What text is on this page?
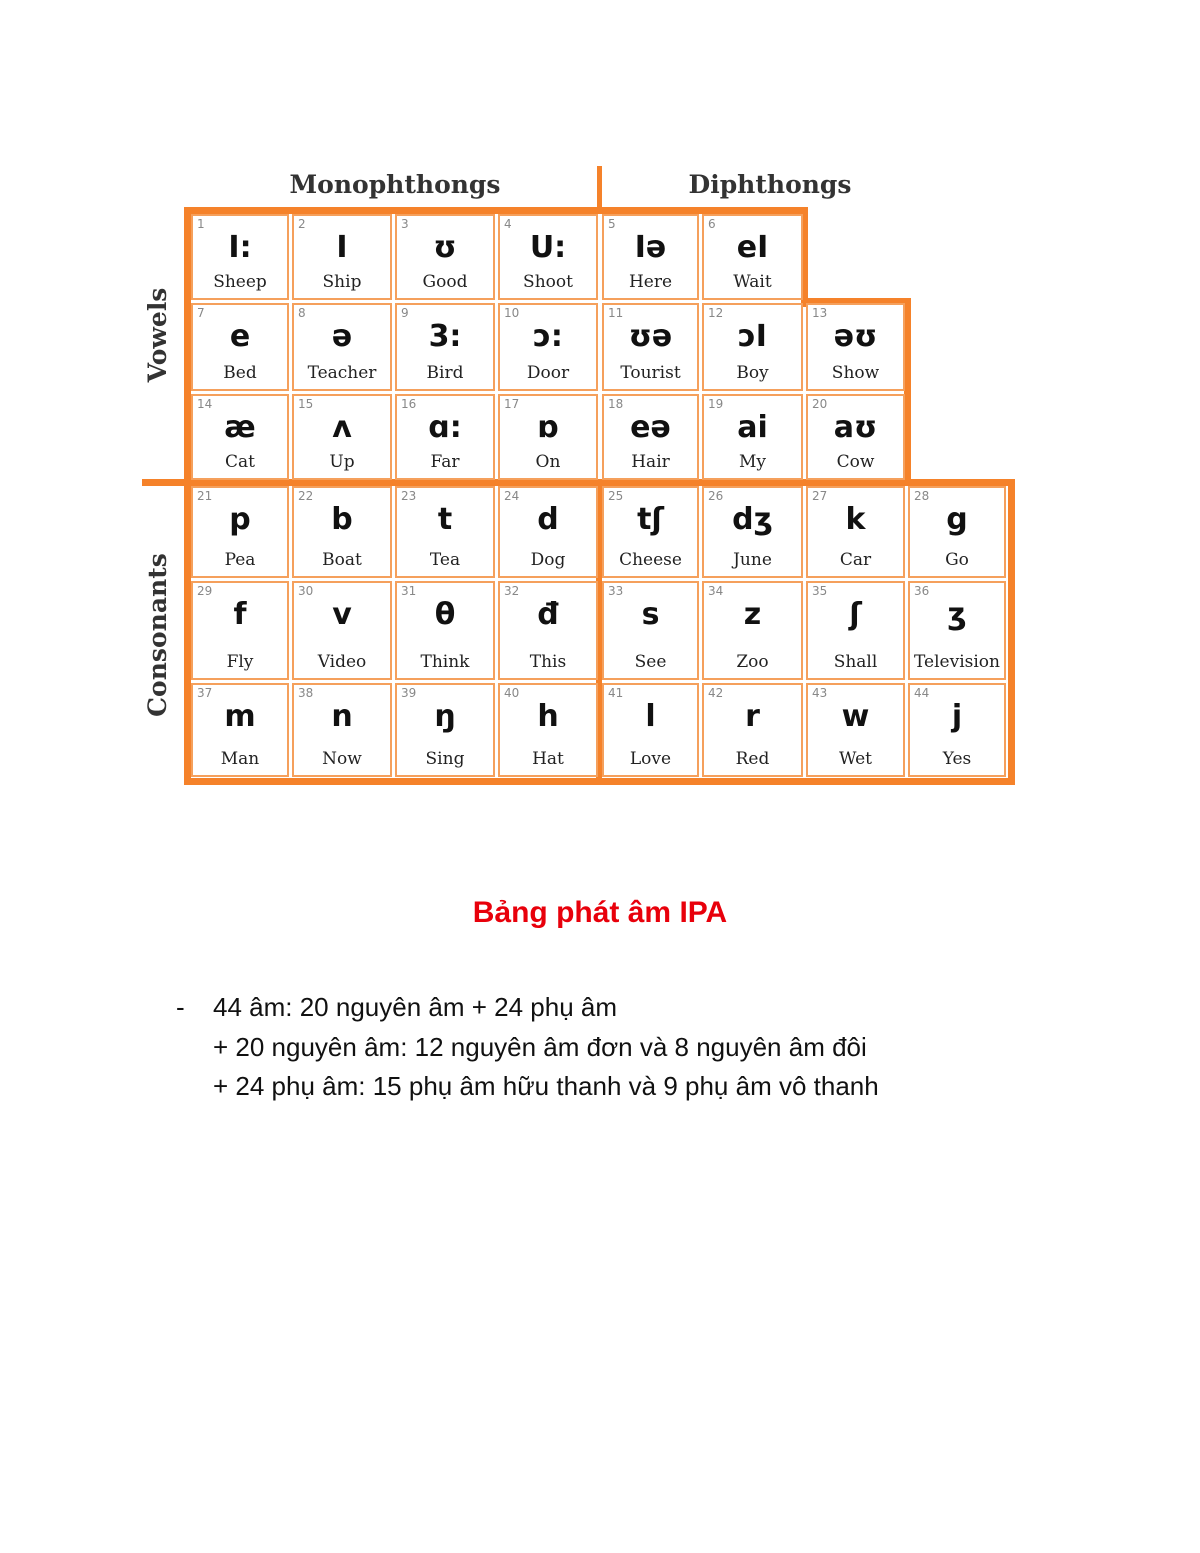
Monophthongs	Diphthongs
Vowels
Consonants
1
I:
Sheep
2
I
Ship
3
ʊ
Good
4
U:
Shoot
5
Iə
Here
6
eI
Wait
7
e
Bed
8
ə
Teacher
9
3:
Bird
10
ɔ:
Door
11
ʊə
Tourist
12
ɔI
Boy
13
əʊ
Show
14
æ
Cat
15
ʌ
Up
16
ɑ:
Far
17
ɒ
On
18
eə
Hair
19
ai
My
20
aʊ
Cow
21
p
Pea
22
b
Boat
23
t
Tea
24
d
Dog
25
tʃ
Cheese
26
dʒ
June
27
k
Car
28
g
Go
29
f
Fly
30
v
Video
31
θ
Think
32
đ
This
33
s
See
34
z
Zoo
35
ʃ
Shall
36
ʒ
Television
37
m
Man
38
n
Now
39
ŋ
Sing
40
h
Hat
41
l
Love
42
r
Red
43
w
Wet
44
j
Yes
Bảng phát âm IPA
- 44 âm: 20 nguyên âm + 24 phụ âm
+ 20 nguyên âm: 12 nguyên âm đơn và 8 nguyên âm đôi
+ 24 phụ âm: 15 phụ âm hữu thanh và 9 phụ âm vô thanh
